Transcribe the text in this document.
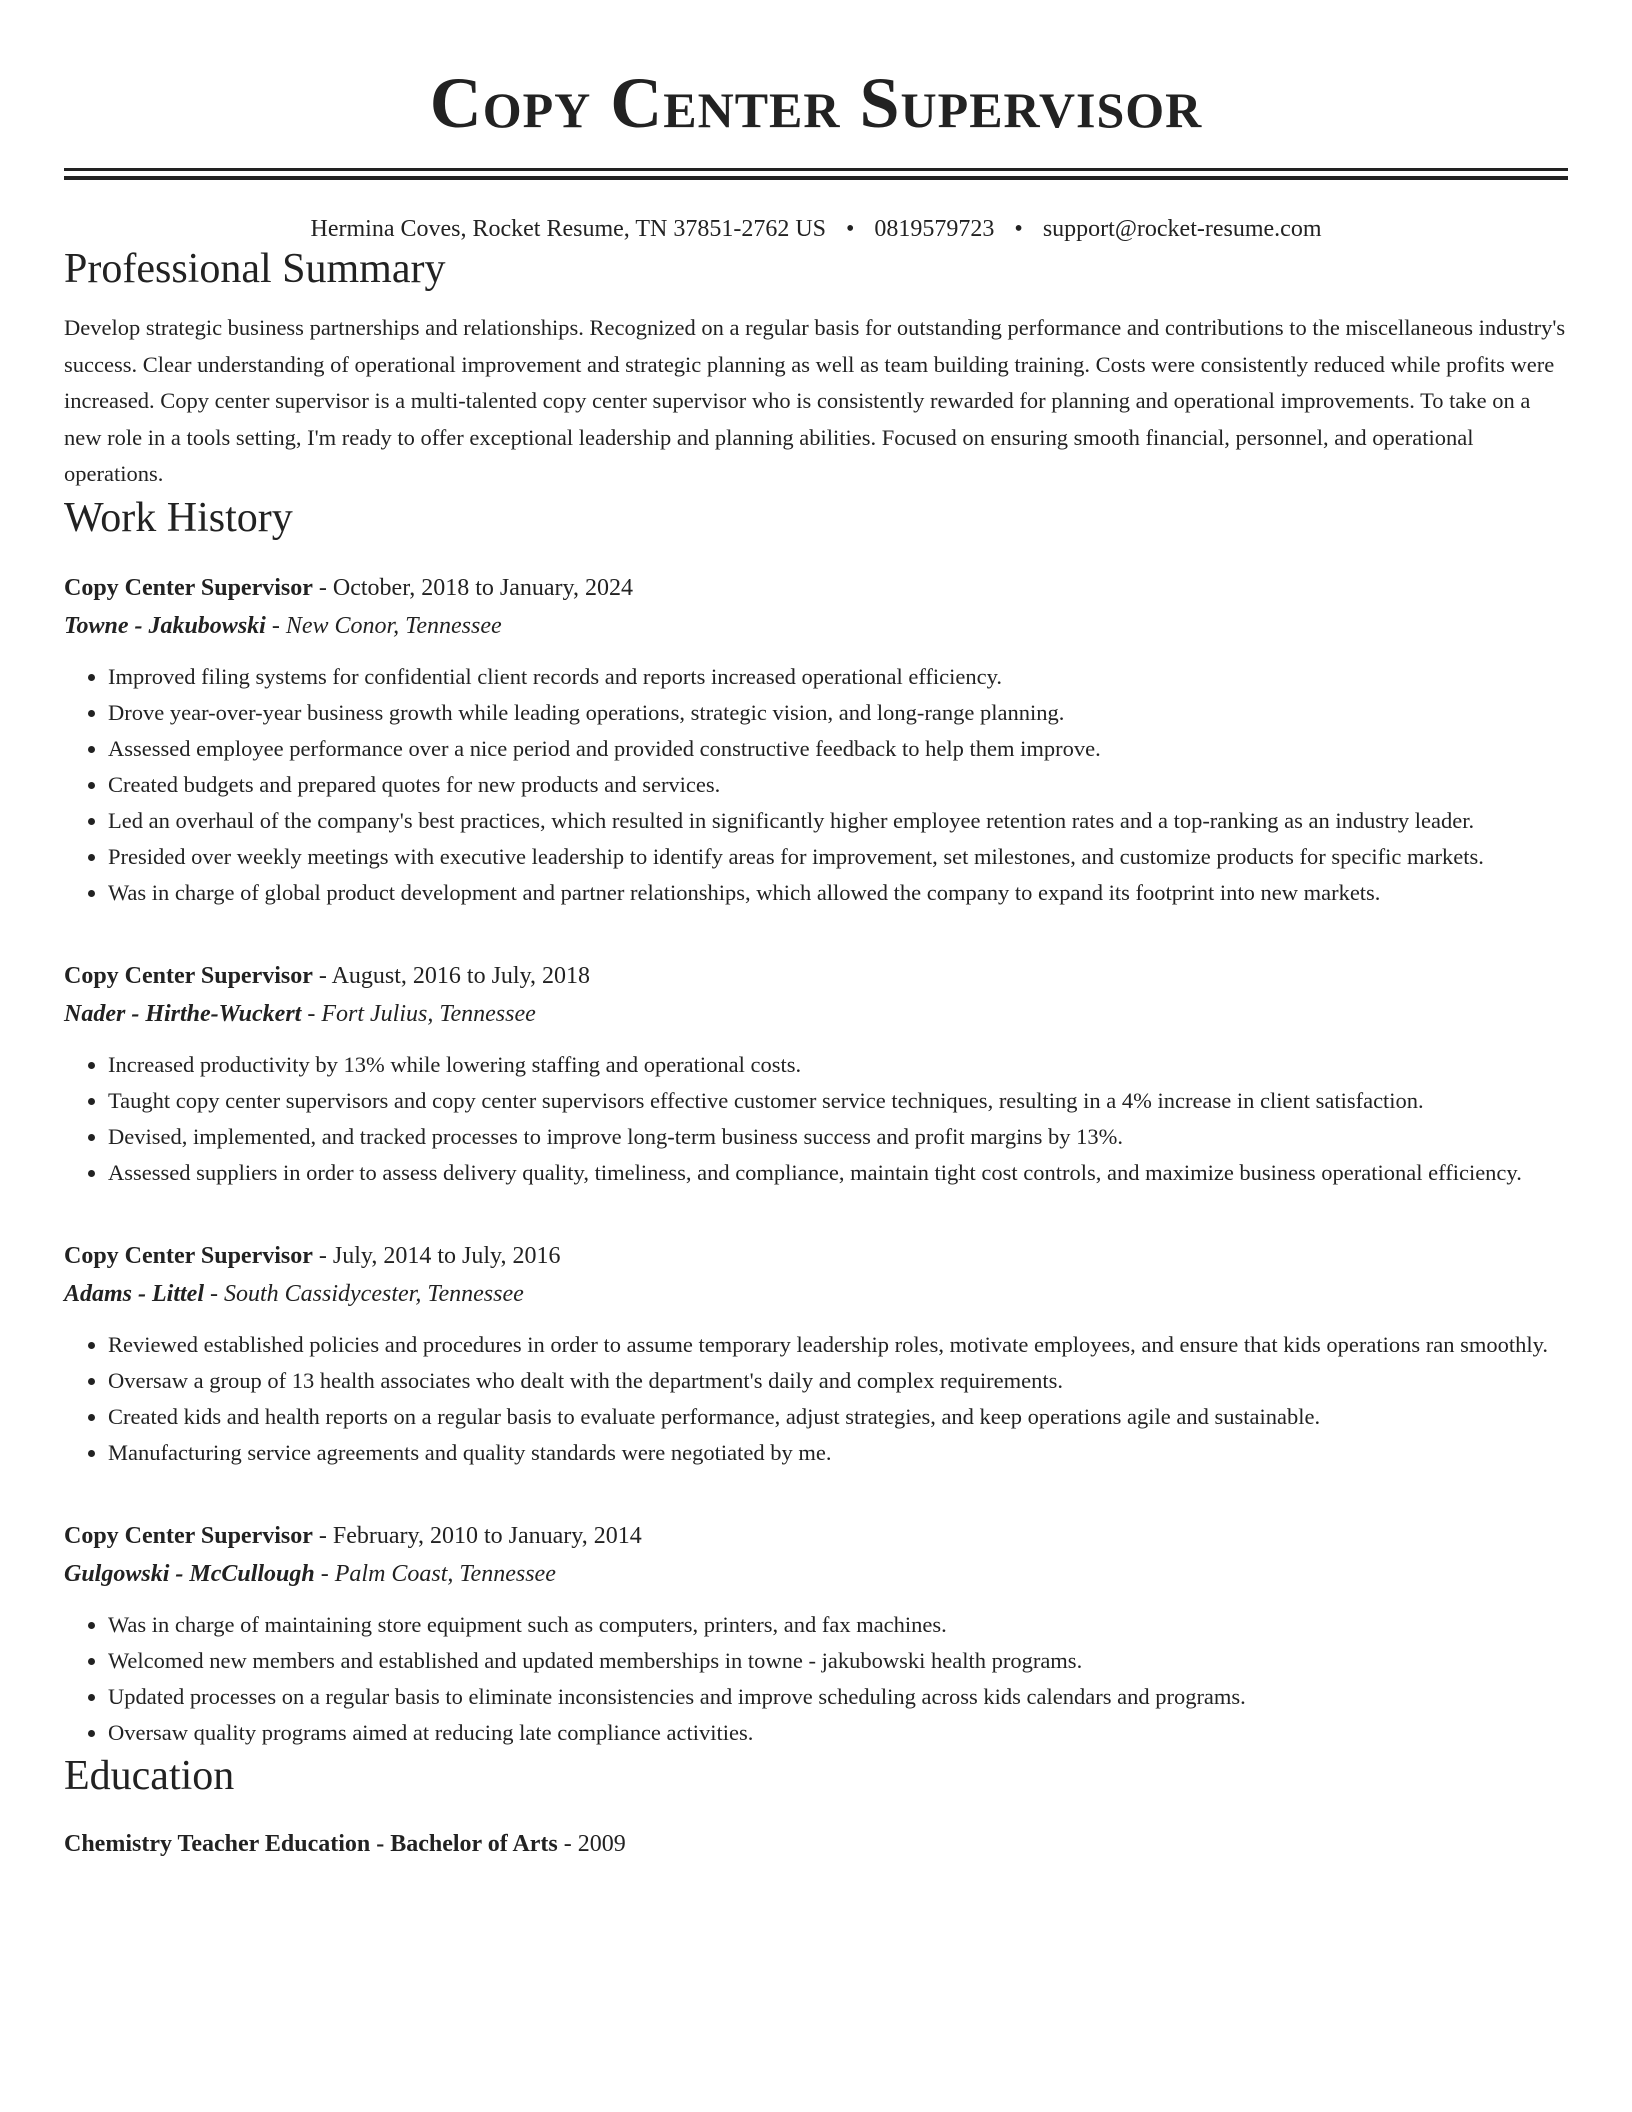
Copy Center Supervisor
Hermina Coves, Rocket Resume, TN 37851-2762 US • 0819579723 • support@rocket-resume.com
Professional Summary

Develop strategic business partnerships and relationships. Recognized on a regular basis for outstanding performance and contributions to the miscellaneous industry's success. Clear understanding of operational improvement and strategic planning as well as team building training. Costs were consistently reduced while profits were increased. Copy center supervisor is a multi-talented copy center supervisor who is consistently rewarded for planning and operational improvements. To take on a new role in a tools setting, I'm ready to offer exceptional leadership and planning abilities. Focused on ensuring smooth financial, personnel, and operational operations.

Work History
Copy Center Supervisor - October, 2018 to January, 2024
Towne - Jakubowski - New Conor, Tennessee
• Improved filing systems for confidential client records and reports increased operational efficiency.
• Drove year-over-year business growth while leading operations, strategic vision, and long-range planning.
• Assessed employee performance over a nice period and provided constructive feedback to help them improve.
• Created budgets and prepared quotes for new products and services.
• Led an overhaul of the company's best practices, which resulted in significantly higher employee retention rates and a top-ranking as an industry leader.
• Presided over weekly meetings with executive leadership to identify areas for improvement, set milestones, and customize products for specific markets.
• Was in charge of global product development and partner relationships, which allowed the company to expand its footprint into new markets.
Copy Center Supervisor - August, 2016 to July, 2018
Nader - Hirthe-Wuckert - Fort Julius, Tennessee
• Increased productivity by 13% while lowering staffing and operational costs.
• Taught copy center supervisors and copy center supervisors effective customer service techniques, resulting in a 4% increase in client satisfaction.
• Devised, implemented, and tracked processes to improve long-term business success and profit margins by 13%.
• Assessed suppliers in order to assess delivery quality, timeliness, and compliance, maintain tight cost controls, and maximize business operational efficiency.
Copy Center Supervisor - July, 2014 to July, 2016
Adams - Littel - South Cassidycester, Tennessee
• Reviewed established policies and procedures in order to assume temporary leadership roles, motivate employees, and ensure that kids operations ran smoothly.
• Oversaw a group of 13 health associates who dealt with the department's daily and complex requirements.
• Created kids and health reports on a regular basis to evaluate performance, adjust strategies, and keep operations agile and sustainable.
• Manufacturing service agreements and quality standards were negotiated by me.
Copy Center Supervisor - February, 2010 to January, 2014
Gulgowski - McCullough - Palm Coast, Tennessee
• Was in charge of maintaining store equipment such as computers, printers, and fax machines.
• Welcomed new members and established and updated memberships in towne - jakubowski health programs.
• Updated processes on a regular basis to eliminate inconsistencies and improve scheduling across kids calendars and programs.
• Oversaw quality programs aimed at reducing late compliance activities.
Education
Chemistry Teacher Education - Bachelor of Arts - 2009
